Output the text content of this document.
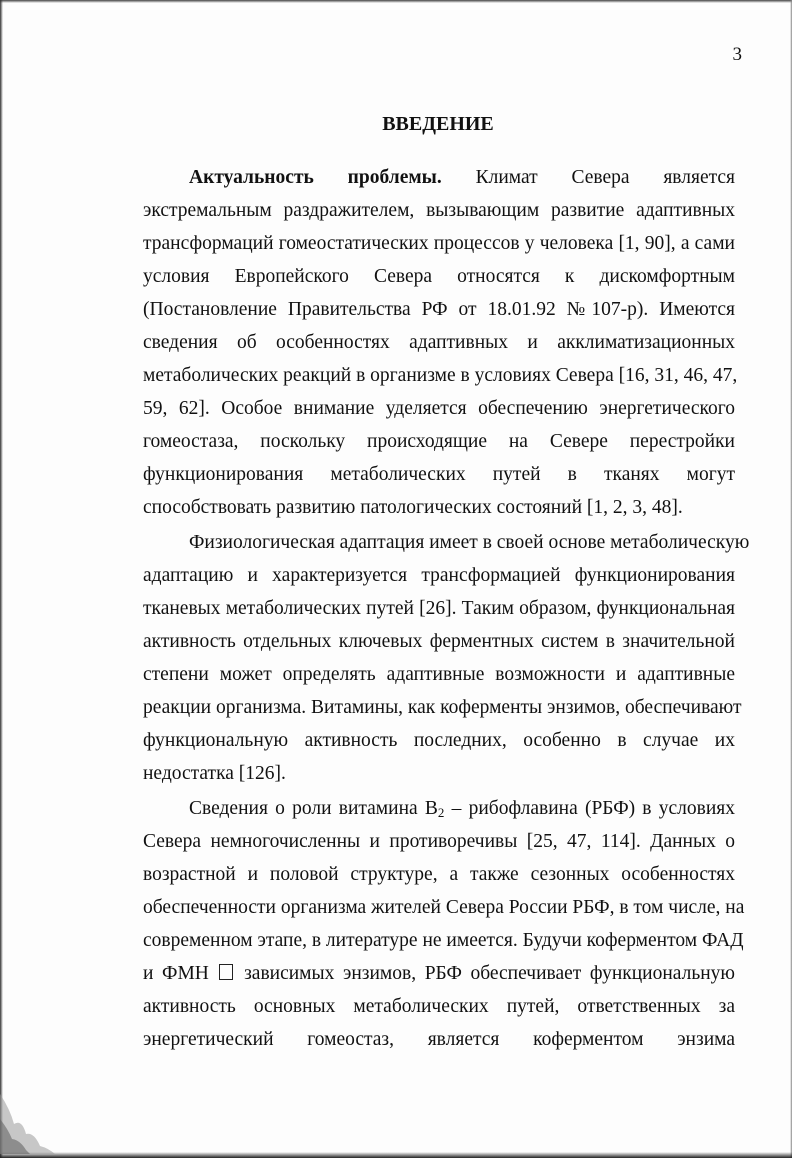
3
ВВЕДЕНИЕ
Актуальность проблемы. Климат Севера является
экстремальным раздражителем, вызывающим развитие адаптивных
трансформаций гомеостатических процессов у человека [1, 90], а сами
условия Европейского Севера относятся к дискомфортным
(Постановление Правительства РФ от 18.01.92 №107-р). Имеются
сведения об особенностях адаптивных и акклиматизационных
метаболических реакций в организме в условиях Севера [16, 31, 46, 47,
59, 62]. Особое внимание уделяется обеспечению энергетического
гомеостаза, поскольку происходящие на Севере перестройки
функционирования метаболических путей в тканях могут
способствовать развитию патологических состояний [1, 2, 3, 48].
Физиологическая адаптация имеет в своей основе метаболическую
адаптацию и характеризуется трансформацией функционирования
тканевых метаболических путей [26]. Таким образом, функциональная
активность отдельных ключевых ферментных систем в значительной
степени может определять адаптивные возможности и адаптивные
реакции организма. Витамины, как коферменты энзимов, обеспечивают
функциональную активность последних, особенно в случае их
недостатка [126].
Сведения о роли витамина $В_2$ – рибофлавина (РБФ) в условиях
Севера немногочисленны и противоречивы [25, 47, 114]. Данных о
возрастной и половой структуре, а также сезонных особенностях
обеспеченности организма жителей Севера России РБФ, в том числе, на
современном этапе, в литературе не имеется. Будучи коферментом ФАД
и ФМН зависимых энзимов, РБФ обеспечивает функциональную
активность основных метаболических путей, ответственных за
энергетический гомеостаз, является коферментом энзима
